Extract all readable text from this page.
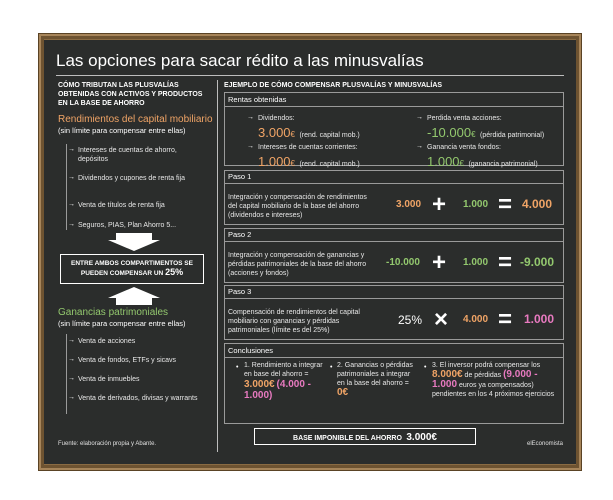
Las opciones para sacar rédito a las minusvalías
CÓMO TRIBUTAN LAS PLUSVALÍAS OBTENIDAS CON ACTIVOS Y PRODUCTOS EN LA BASE DE AHORRO
Rendimientos del capital mobiliario
(sin límite para compensar entre ellas)
→ Intereses de cuentas de ahorro, depósitos
→ Dividendos y cupones de renta fija
→ Venta de títulos de renta fija
→ Seguros, PIAS, Plan Ahorro 5...
ENTRE AMBOS COMPARTIMENTOS SE PUEDEN COMPENSAR UN 25%
Ganancias patrimoniales
(sin límite para compensar entre ellas)
→ Venta de acciones
→ Venta de fondos, ETFs y sicavs
→ Venta de inmuebles
→ Venta de derivados, divisas y warrants
Fuente: elaboración propia y Abante.
EJEMPLO DE CÓMO COMPENSAR PLUSVALÍAS Y MINUSVALÍAS
Rentas obtenidas
→ Dividendos:
3.000€ (rend. capital mob.)
→ Intereses de cuentas corrientes:
1.000€ (rend. capital mob.)
→ Perdida venta acciones:
-10.000€ (pérdida patrimonial)
→ Ganancia venta fondos:
1.000€ (ganancia patrimonial)
Paso 1
Integración y compensación de rendimientos del capital mobiliario de la base del ahorro (dividendos e intereses)
3.000 + 1.000 = 4.000
Paso 2
Integración y compensación de ganancias y pérdidas patrimoniales de la base del ahorro (acciones y fondos)
-10.000 + 1.000 = -9.000
Paso 3
Compensación de rendimientos del capital mobiliario con ganancias y pérdidas patrimoniales (límite es del 25%)
25% × 4.000 = 1.000
Conclusiones
• 1. Rendimiento a integrar en base del ahorro = 3.000€ (4.000 - 1.000)
• 2. Ganancias o pérdidas patrimoniales a integrar en la base del ahorro = 0€
• 3. El inversor podrá compensar los 8.000€ de pérdidas (9.000 - 1.000 euros ya compensados) pendientes en los 4 próximos ejercicios
BASE IMPONIBLE DEL AHORRO 3.000€
elEconomista
